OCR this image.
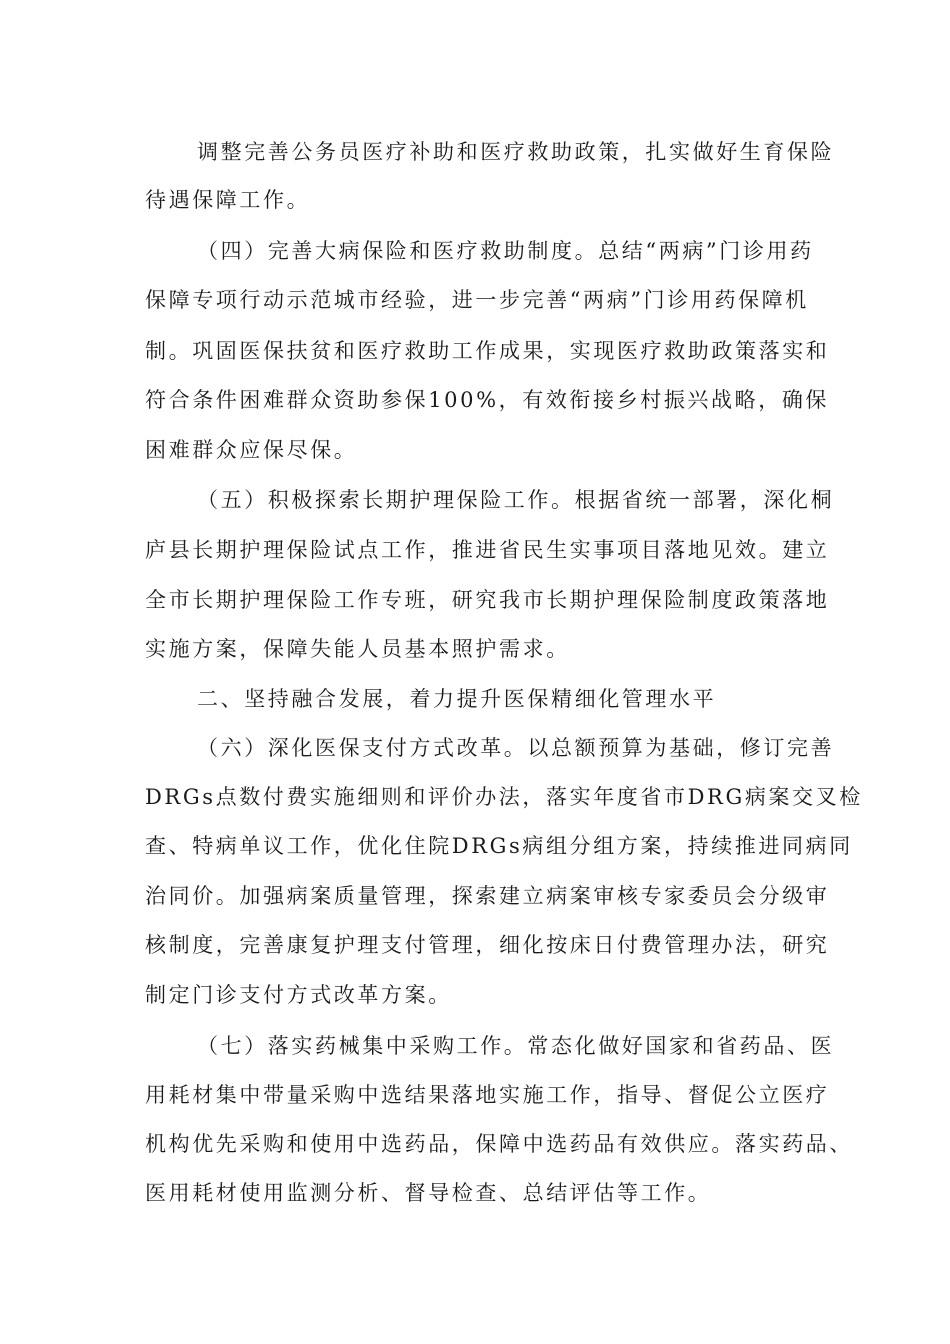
调整完善公务员医疗补助和医疗救助政策，扎实做好生育保险
待遇保障工作。
（四）完善大病保险和医疗救助制度。总结“两病”门诊用药
保障专项行动示范城市经验，进一步完善“两病”门诊用药保障机
制。巩固医保扶贫和医疗救助工作成果，实现医疗救助政策落实和
符合条件困难群众资助参保100%，有效衔接乡村振兴战略，确保
困难群众应保尽保。
（五）积极探索长期护理保险工作。根据省统一部署，深化桐
庐县长期护理保险试点工作，推进省民生实事项目落地见效。建立
全市长期护理保险工作专班，研究我市长期护理保险制度政策落地
实施方案，保障失能人员基本照护需求。
二、坚持融合发展，着力提升医保精细化管理水平
（六）深化医保支付方式改革。以总额预算为基础，修订完善
DRGs点数付费实施细则和评价办法，落实年度省市DRG病案交叉检
查、特病单议工作，优化住院DRGs病组分组方案，持续推进同病同
治同价。加强病案质量管理，探索建立病案审核专家委员会分级审
核制度，完善康复护理支付管理，细化按床日付费管理办法，研究
制定门诊支付方式改革方案。
（七）落实药械集中采购工作。常态化做好国家和省药品、医
用耗材集中带量采购中选结果落地实施工作，指导、督促公立医疗
机构优先采购和使用中选药品，保障中选药品有效供应。落实药品、
医用耗材使用监测分析、督导检查、总结评估等工作。
